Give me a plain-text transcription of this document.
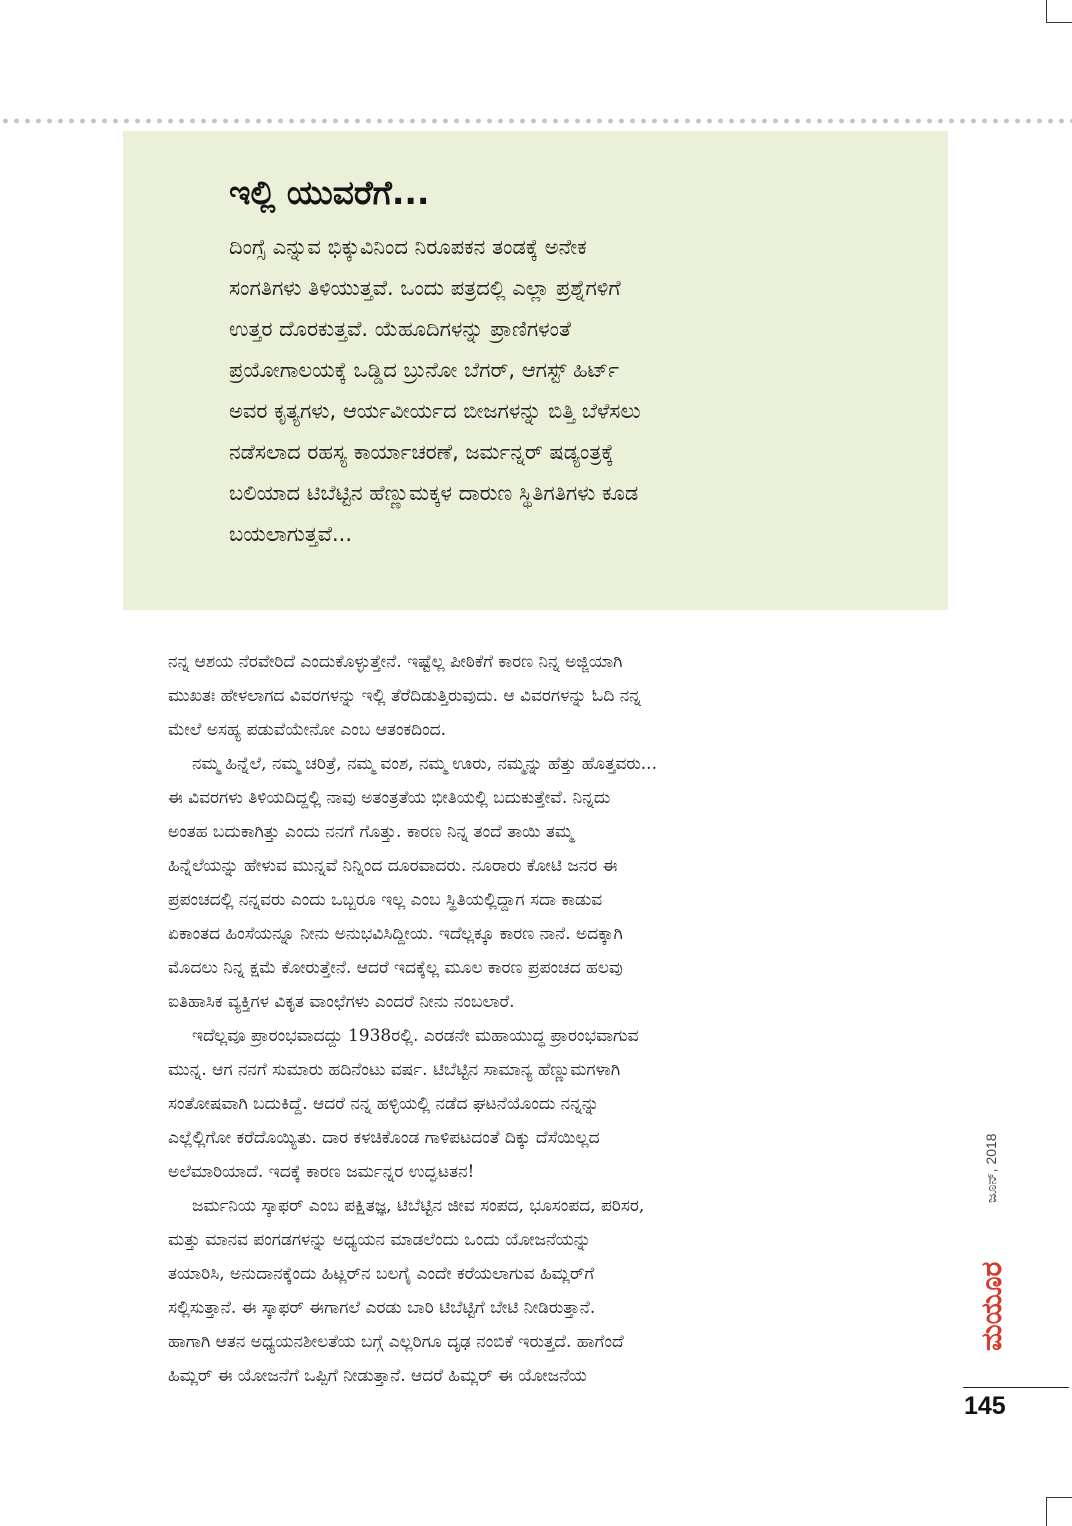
ಇಲ್ಲಿ ಯುವರೆಗೆ...
ದಿಂಗ್ಸೆ ಎನ್ನುವ ಭಿಕ್ಕುವಿನಿಂದ ನಿರೂಪಕನ ತಂಡಕ್ಕೆ ಅನೇಕ
ಸಂಗತಿಗಳು ತಿಳಿಯುತ್ತವೆ. ಒಂದು ಪತ್ರದಲ್ಲಿ ಎಲ್ಲಾ ಪ್ರಶ್ನೆಗಳಿಗೆ
ಉತ್ತರ ದೊರಕುತ್ತವೆ. ಯೆಹೂದಿಗಳನ್ನು ಪ್ರಾಣಿಗಳಂತೆ
ಪ್ರಯೋಗಾಲಯಕ್ಕೆ ಒಡ್ಡಿದ ಬ್ರುನೋ ಬೆಗರ್, ಆಗಸ್ಟ್ ಹಿರ್ಟ್
ಅವರ ಕೃತ್ಯಗಳು, ಆರ್ಯವೀರ್ಯದ ಬೀಜಗಳನ್ನು ಬಿತ್ತಿ ಬೆಳೆಸಲು
ನಡೆಸಲಾದ ರಹಸ್ಯ ಕಾರ್ಯಾಚರಣೆ, ಜರ್ಮನ್ನರ್ ಷಡ್ಯಂತ್ರಕ್ಕೆ
ಬಲಿಯಾದ ಟಿಬೆಟ್ಟಿನ ಹೆಣ್ಣುಮಕ್ಕಳ ದಾರುಣ ಸ್ಥಿತಿಗತಿಗಳು ಕೂಡ
ಬಯಲಾಗುತ್ತವೆ...
ನನ್ನ ಆಶಯ ನೆರವೇರಿದೆ ಎಂದುಕೊಳ್ಳುತ್ತೇನೆ. ಇಷ್ಟೆಲ್ಲ ಪೀಠಿಕೆಗೆ ಕಾರಣ ನಿನ್ನ ಅಜ್ಜಿಯಾಗಿ
ಮುಖತಃ ಹೇಳಲಾಗದ ವಿವರಗಳನ್ನು ಇಲ್ಲಿ ತೆರೆದಿಡುತ್ತಿರುವುದು. ಆ ವಿವರಗಳನ್ನು ಓದಿ ನನ್ನ
ಮೇಲೆ ಅಸಹ್ಯ ಪಡುವೆಯೇನೋ ಎಂಬ ಆತಂಕದಿಂದ.
ನಮ್ಮ ಹಿನ್ನೆಲೆ, ನಮ್ಮ ಚರಿತ್ರೆ, ನಮ್ಮ ವಂಶ, ನಮ್ಮ ಊರು, ನಮ್ಮನ್ನು ಹೆತ್ತು ಹೊತ್ತವರು...
ಈ ವಿವರಗಳು ತಿಳಿಯದಿದ್ದಲ್ಲಿ ನಾವು ಅತಂತ್ರತೆಯ ಭೀತಿಯಲ್ಲಿ ಬದುಕುತ್ತೇವೆ. ನಿನ್ನದು
ಅಂತಹ ಬದುಕಾಗಿತ್ತು ಎಂದು ನನಗೆ ಗೊತ್ತು. ಕಾರಣ ನಿನ್ನ ತಂದೆ ತಾಯಿ ತಮ್ಮ
ಹಿನ್ನೆಲೆಯನ್ನು ಹೇಳುವ ಮುನ್ನವೆ ನಿನ್ನಿಂದ ದೂರವಾದರು. ನೂರಾರು ಕೋಟಿ ಜನರ ಈ
ಪ್ರಪಂಚದಲ್ಲಿ ನನ್ನವರು ಎಂದು ಒಬ್ಬರೂ ಇಲ್ಲ ಎಂಬ ಸ್ಥಿತಿಯಲ್ಲಿದ್ದಾಗ ಸದಾ ಕಾಡುವ
ಏಕಾಂತದ ಹಿಂಸೆಯನ್ನೂ ನೀನು ಅನುಭವಿಸಿದ್ದೀಯ. ಇದೆಲ್ಲಕ್ಕೂ ಕಾರಣ ನಾನೆ. ಅದಕ್ಕಾಗಿ
ಮೊದಲು ನಿನ್ನ ಕ್ಷಮೆ ಕೋರುತ್ತೇನೆ. ಆದರೆ ಇದಕ್ಕೆಲ್ಲ ಮೂಲ ಕಾರಣ ಪ್ರಪಂಚದ ಹಲವು
ಐತಿಹಾಸಿಕ ವ್ಯಕ್ತಿಗಳ ವಿಕೃತ ವಾಂಛೆಗಳು ಎಂದರೆ ನೀನು ನಂಬಲಾರೆ.
ಇದೆಲ್ಲವೂ ಪ್ರಾರಂಭವಾದದ್ದು 1938ರಲ್ಲಿ. ಎರಡನೇ ಮಹಾಯುದ್ಧ ಪ್ರಾರಂಭವಾಗುವ
ಮುನ್ನ. ಆಗ ನನಗೆ ಸುಮಾರು ಹದಿನೆಂಟು ವರ್ಷ. ಟಿಬೆಟ್ಟಿನ ಸಾಮಾನ್ಯ ಹೆಣ್ಣುಮಗಳಾಗಿ
ಸಂತೋಷವಾಗಿ ಬದುಕಿದ್ದೆ. ಆದರೆ ನನ್ನ ಹಳ್ಳಿಯಲ್ಲಿ ನಡೆದ ಘಟನೆಯೊಂದು ನನ್ನನ್ನು
ಎಲ್ಲೆಲ್ಲಿಗೋ ಕರೆದೊಯ್ಯಿತು. ದಾರ ಕಳಚಿಕೊಂಡ ಗಾಳಿಪಟದಂತೆ ದಿಕ್ಕು ದೆಸೆಯಿಲ್ಲದ
ಅಲೆಮಾರಿಯಾದೆ. ಇದಕ್ಕೆ ಕಾರಣ ಜರ್ಮನ್ನರ ಉದ್ಘಟತನ!
ಜರ್ಮನಿಯ ಸ್ಕಾಫರ್ ಎಂಬ ಪಕ್ಷಿತಜ್ಞ, ಟಿಬೆಟ್ಟಿನ ಜೀವ ಸಂಪದ, ಭೂಸಂಪದ, ಪರಿಸರ,
ಮತ್ತು ಮಾನವ ಪಂಗಡಗಳನ್ನು ಅಧ್ಯಯನ ಮಾಡಲೆಂದು ಒಂದು ಯೋಜನೆಯನ್ನು
ತಯಾರಿಸಿ, ಅನುದಾನಕ್ಕೆಂದು ಹಿಟ್ಲರ್‌ನ ಬಲಗೈ ಎಂದೇ ಕರೆಯಲಾಗುವ ಹಿಮ್ಲರ್‌ಗೆ
ಸಲ್ಲಿಸುತ್ತಾನೆ. ಈ ಸ್ಕಾಫರ್ ಈಗಾಗಲೆ ಎರಡು ಬಾರಿ ಟಿಬೆಟ್ಟಿಗೆ ಬೇಟಿ ನೀಡಿರುತ್ತಾನೆ.
ಹಾಗಾಗಿ ಆತನ ಅಧ್ಯಯನಶೀಲತೆಯ ಬಗ್ಗೆ ಎಲ್ಲರಿಗೂ ದೃಢ ನಂಬಿಕೆ ಇರುತ್ತದೆ. ಹಾಗೆಂದೆ
ಹಿಮ್ಲರ್ ಈ ಯೋಜನೆಗೆ ಒಪ್ಪಿಗೆ ನೀಡುತ್ತಾನೆ. ಆದರೆ ಹಿಮ್ಲರ್ ಈ ಯೋಜನೆಯ
ಜೂನ್, 2018
ಮಯೂರ
145
